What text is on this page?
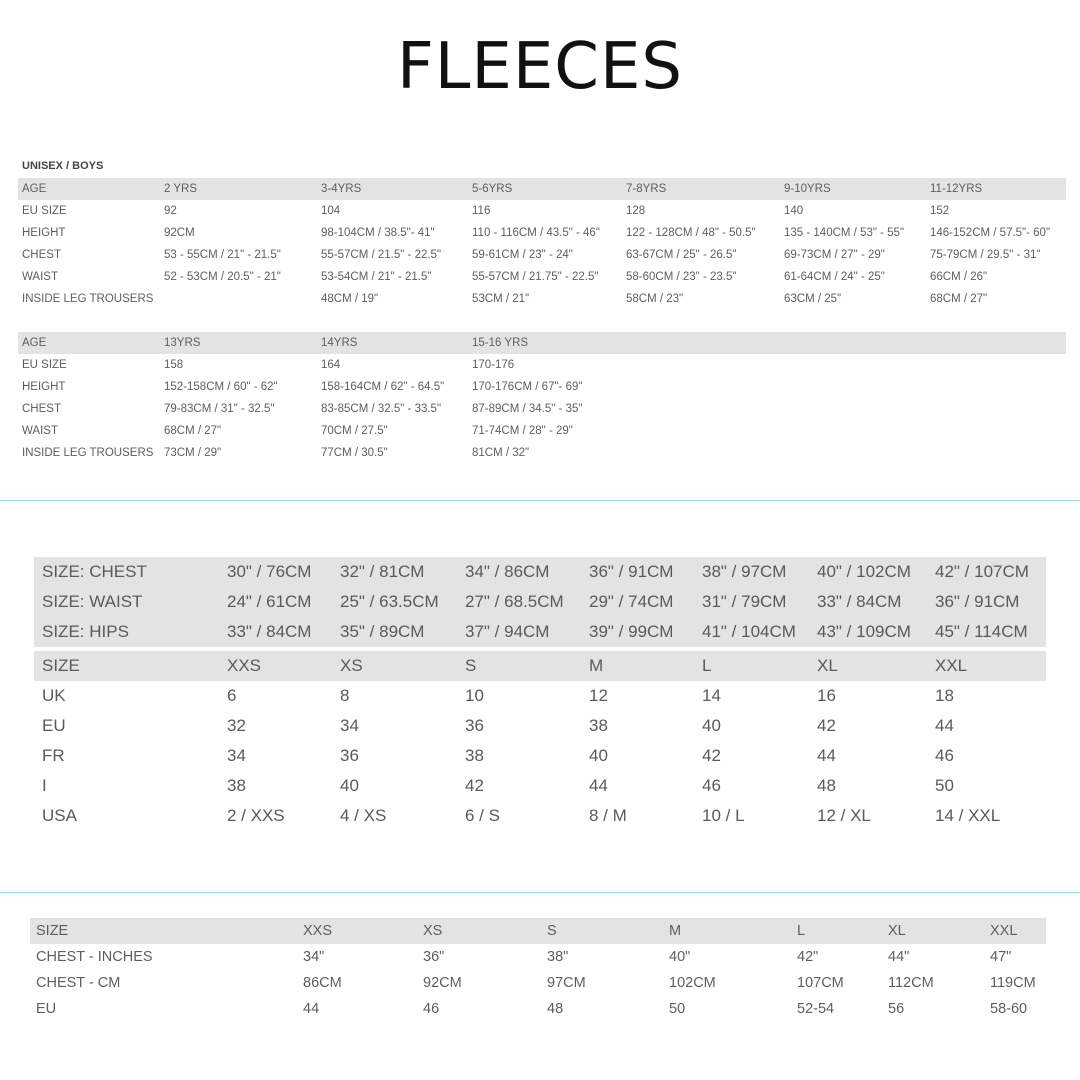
FLEECES
UNISEX / BOYS
AGE	2 YRS	3-4YRS	5-6YRS	7-8YRS	9-10YRS	11-12YRS
EU SIZE	92	104	116	128	140	152
HEIGHT	92CM	98-104CM / 38.5"- 41"	110 - 116CM / 43.5" - 46"	122 - 128CM / 48" - 50.5"	135 - 140CM / 53" - 55"	146-152CM / 57.5"- 60"
CHEST	53 - 55CM / 21" - 21.5"	55-57CM / 21.5" - 22.5"	59-61CM / 23" - 24"	63-67CM / 25" - 26.5"	69-73CM / 27" - 29"	75-79CM / 29.5" - 31"
WAIST	52 - 53CM / 20.5" - 21"	53-54CM / 21" - 21.5"	55-57CM / 21.75" - 22.5"	58-60CM / 23" - 23.5"	61-64CM / 24" - 25"	66CM / 26"
INSIDE LEG TROUSERS		48CM / 19"	53CM / 21"	58CM / 23"	63CM / 25"	68CM / 27"
AGE	13YRS	14YRS	15-16 YRS			
EU SIZE	158	164	170-176			
HEIGHT	152-158CM / 60" - 62"	158-164CM / 62" - 64.5"	170-176CM / 67"- 69"			
CHEST	79-83CM / 31" - 32.5"	83-85CM / 32.5" - 33.5"	87-89CM / 34.5" - 35"			
WAIST	68CM / 27"	70CM / 27.5"	71-74CM / 28" - 29"			
INSIDE LEG TROUSERS	73CM / 29"	77CM / 30.5"	81CM / 32"			
SIZE: CHEST	30" / 76CM	32" / 81CM	34" / 86CM	36" / 91CM	38" / 97CM	40" / 102CM	42" / 107CM
SIZE: WAIST	24" / 61CM	25" / 63.5CM	27" / 68.5CM	29" / 74CM	31" / 79CM	33" / 84CM	36" / 91CM
SIZE: HIPS	33" / 84CM	35" / 89CM	37" / 94CM	39" / 99CM	41" / 104CM	43" / 109CM	45" / 114CM

SIZE	XXS	XS	S	M	L	XL	XXL
UK	6	8	10	12	14	16	18
EU	32	34	36	38	40	42	44
FR	34	36	38	40	42	44	46
I	38	40	42	44	46	48	50
USA	2 / XXS	4 / XS	6 / S	8 / M	10 / L	12 / XL	14 / XXL
SIZE	XXS	XS	S	M	L	XL	XXL
CHEST - INCHES	34"	36"	38"	40"	42"	44"	47"
CHEST - CM	86CM	92CM	97CM	102CM	107CM	112CM	119CM
EU	44	46	48	50	52-54	56	58-60
